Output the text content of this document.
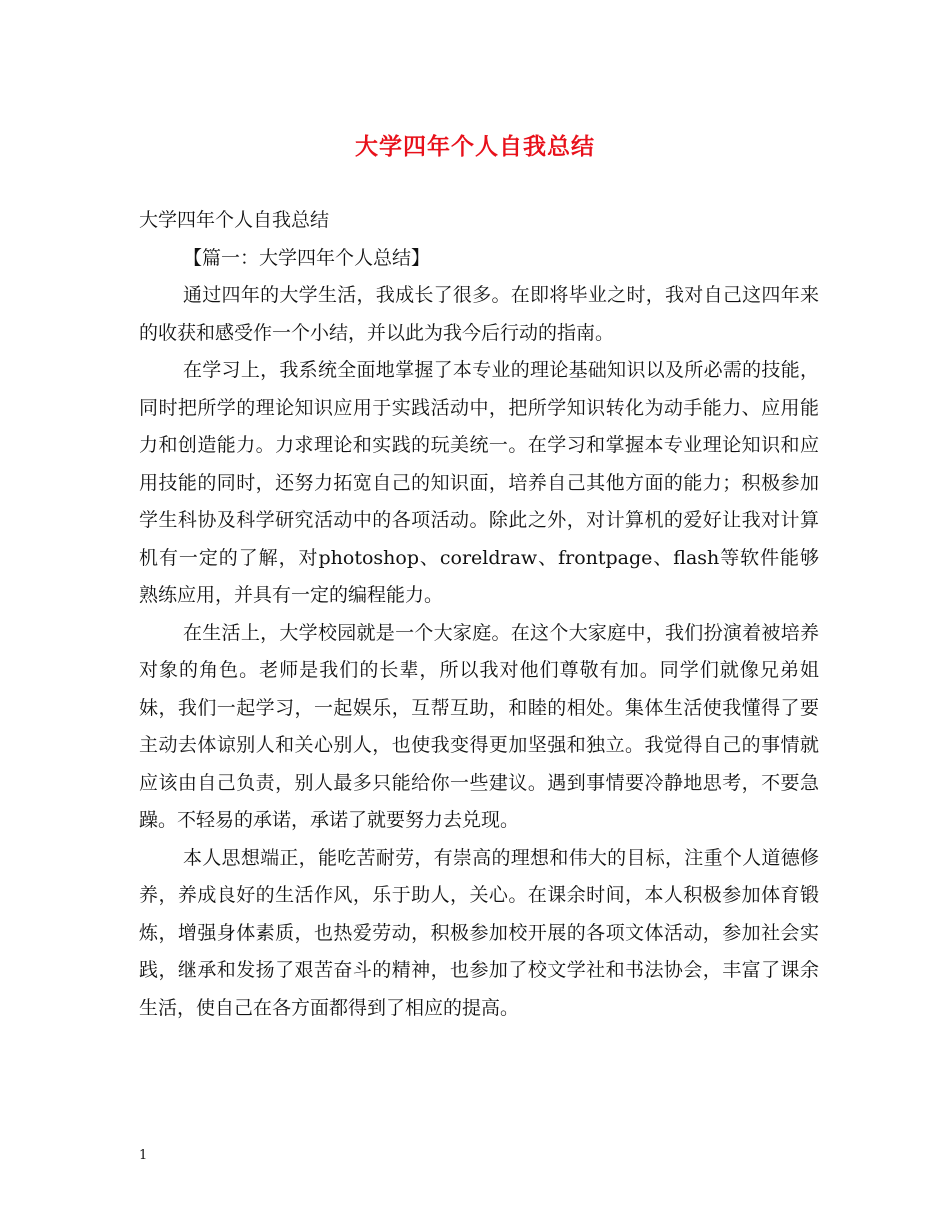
大学四年个人自我总结

大学四年个人自我总结

【篇一：大学四年个人总结】

通过四年的大学生活，我成长了很多。在即将毕业之时，我对自己这四年来的收获和感受作一个小结，并以此为我今后行动的指南。

在学习上，我系统全面地掌握了本专业的理论基础知识以及所必需的技能，同时把所学的理论知识应用于实践活动中，把所学知识转化为动手能力、应用能力和创造能力。力求理论和实践的玩美统一。在学习和掌握本专业理论知识和应用技能的同时，还努力拓宽自己的知识面，培养自己其他方面的能力；积极参加学生科协及科学研究活动中的各项活动。除此之外，对计算机的爱好让我对计算机有一定的了解，对photoshop、coreldraw、frontpage、flash等软件能够熟练应用，并具有一定的编程能力。

在生活上，大学校园就是一个大家庭。在这个大家庭中，我们扮演着被培养对象的角色。老师是我们的长辈，所以我对他们尊敬有加。同学们就像兄弟姐妹，我们一起学习，一起娱乐，互帮互助，和睦的相处。集体生活使我懂得了要主动去体谅别人和关心别人，也使我变得更加坚强和独立。我觉得自己的事情就应该由自己负责，别人最多只能给你一些建议。遇到事情要冷静地思考，不要急躁。不轻易的承诺，承诺了就要努力去兑现。

本人思想端正，能吃苦耐劳，有崇高的理想和伟大的目标，注重个人道德修养，养成良好的生活作风，乐于助人，关心。在课余时间，本人积极参加体育锻炼，增强身体素质，也热爱劳动，积极参加校开展的各项文体活动，参加社会实践，继承和发扬了艰苦奋斗的精神，也参加了校文学社和书法协会，丰富了课余生活，使自己在各方面都得到了相应的提高。

1
